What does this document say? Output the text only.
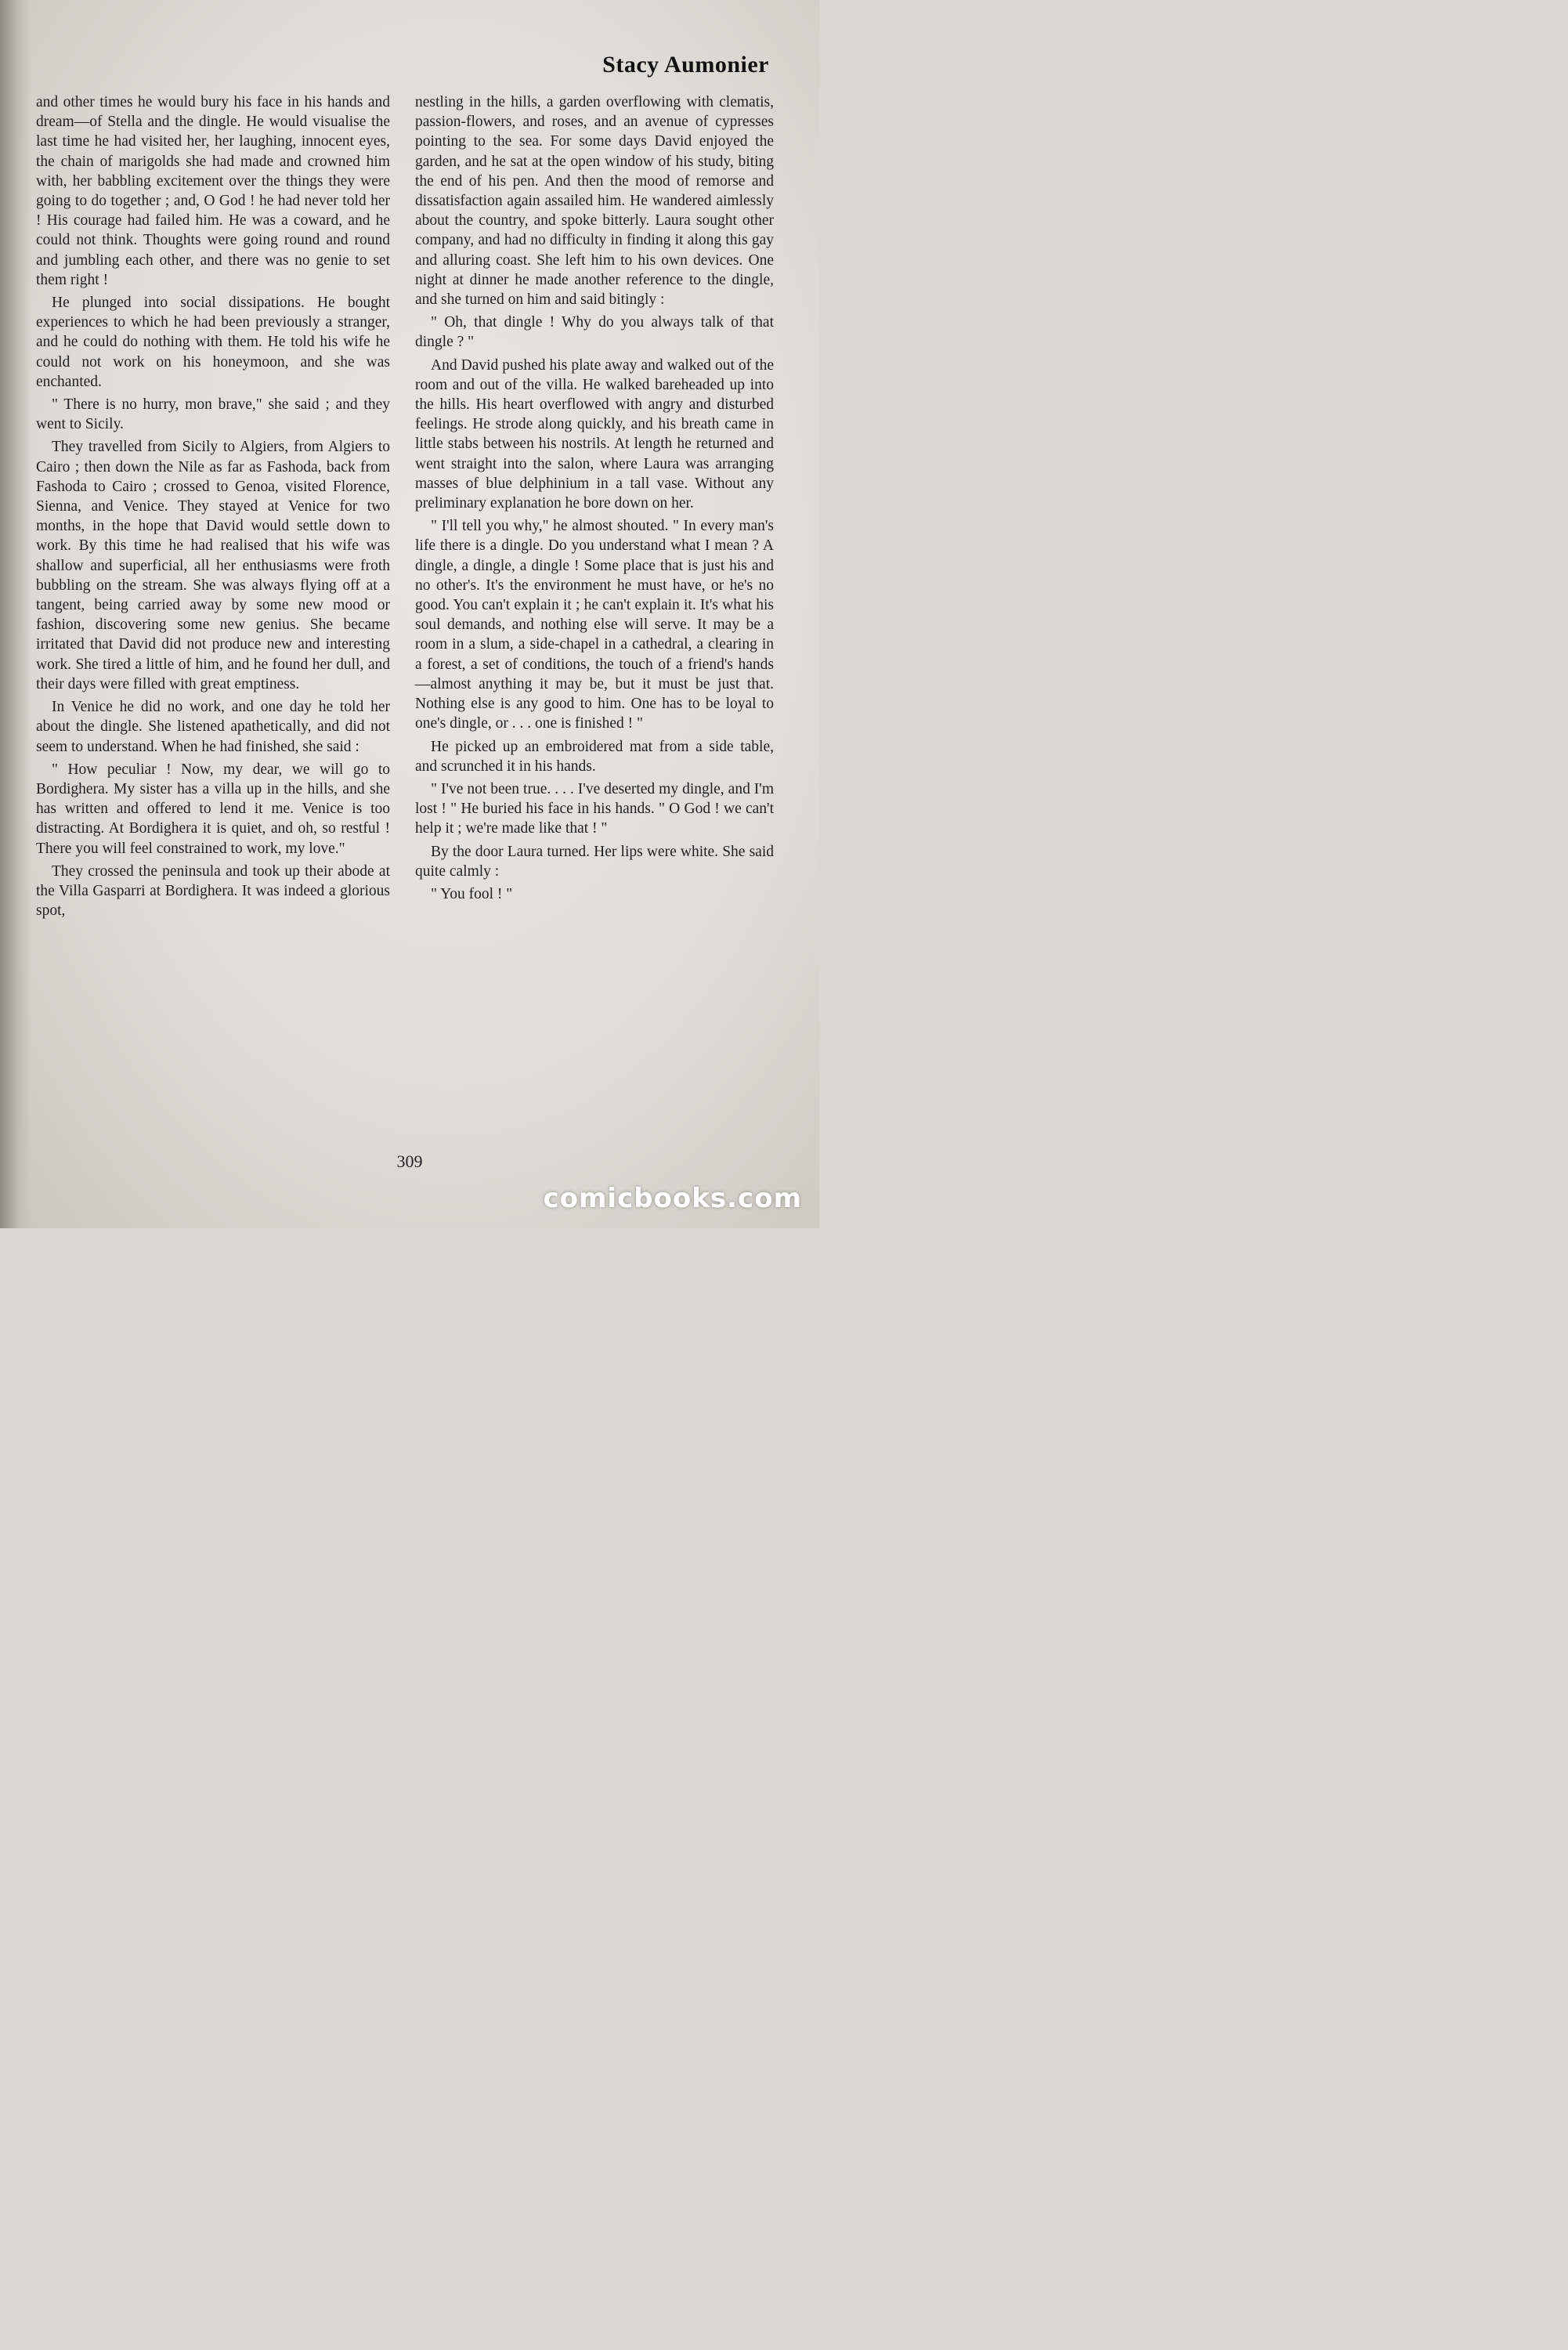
Stacy Aumonier

and other times he would bury his face in his hands and dream—of Stella and the dingle. He would visualise the last time he had visited her, her laughing, innocent eyes, the chain of marigolds she had made and crowned him with, her babbling excitement over the things they were going to do together ; and, O God ! he had never told her ! His courage had failed him. He was a coward, and he could not think. Thoughts were going round and round and jumbling each other, and there was no genie to set them right !

He plunged into social dissipations. He bought experiences to which he had been previously a stranger, and he could do nothing with them. He told his wife he could not work on his honeymoon, and she was enchanted.

" There is no hurry, mon brave," she said ; and they went to Sicily.

They travelled from Sicily to Algiers, from Algiers to Cairo ; then down the Nile as far as Fashoda, back from Fashoda to Cairo ; crossed to Genoa, visited Florence, Sienna, and Venice. They stayed at Venice for two months, in the hope that David would settle down to work. By this time he had realised that his wife was shallow and superficial, all her enthusiasms were froth bubbling on the stream. She was always flying off at a tangent, being carried away by some new mood or fashion, discovering some new genius. She became irritated that David did not produce new and interesting work. She tired a little of him, and he found her dull, and their days were filled with great emptiness.

In Venice he did no work, and one day he told her about the dingle. She listened apathetically, and did not seem to understand. When he had finished, she said :

" How peculiar ! Now, my dear, we will go to Bordighera. My sister has a villa up in the hills, and she has written and offered to lend it me. Venice is too distracting. At Bordighera it is quiet, and oh, so restful ! There you will feel constrained to work, my love."

They crossed the peninsula and took up their abode at the Villa Gasparri at Bordighera. It was indeed a glorious spot,

nestling in the hills, a garden overflowing with clematis, passion-flowers, and roses, and an avenue of cypresses pointing to the sea. For some days David enjoyed the garden, and he sat at the open window of his study, biting the end of his pen. And then the mood of remorse and dissatisfaction again assailed him. He wandered aimlessly about the country, and spoke bitterly. Laura sought other company, and had no difficulty in finding it along this gay and alluring coast. She left him to his own devices. One night at dinner he made another reference to the dingle, and she turned on him and said bitingly :

" Oh, that dingle ! Why do you always talk of that dingle ? "

And David pushed his plate away and walked out of the room and out of the villa. He walked bareheaded up into the hills. His heart overflowed with angry and disturbed feelings. He strode along quickly, and his breath came in little stabs between his nostrils. At length he returned and went straight into the salon, where Laura was arranging masses of blue delphinium in a tall vase. Without any preliminary explanation he bore down on her.

" I'll tell you why," he almost shouted. " In every man's life there is a dingle. Do you understand what I mean ? A dingle, a dingle, a dingle ! Some place that is just his and no other's. It's the environment he must have, or he's no good. You can't explain it ; he can't explain it. It's what his soul demands, and nothing else will serve. It may be a room in a slum, a side-chapel in a cathedral, a clearing in a forest, a set of conditions, the touch of a friend's hands—almost anything it may be, but it must be just that. Nothing else is any good to him. One has to be loyal to one's dingle, or . . . one is finished ! "

He picked up an embroidered mat from a side table, and scrunched it in his hands.

" I've not been true. . . . I've deserted my dingle, and I'm lost ! " He buried his face in his hands. " O God ! we can't help it ; we're made like that ! "

By the door Laura turned. Her lips were white. She said quite calmly :

" You fool ! "

309
comicbooks.com
